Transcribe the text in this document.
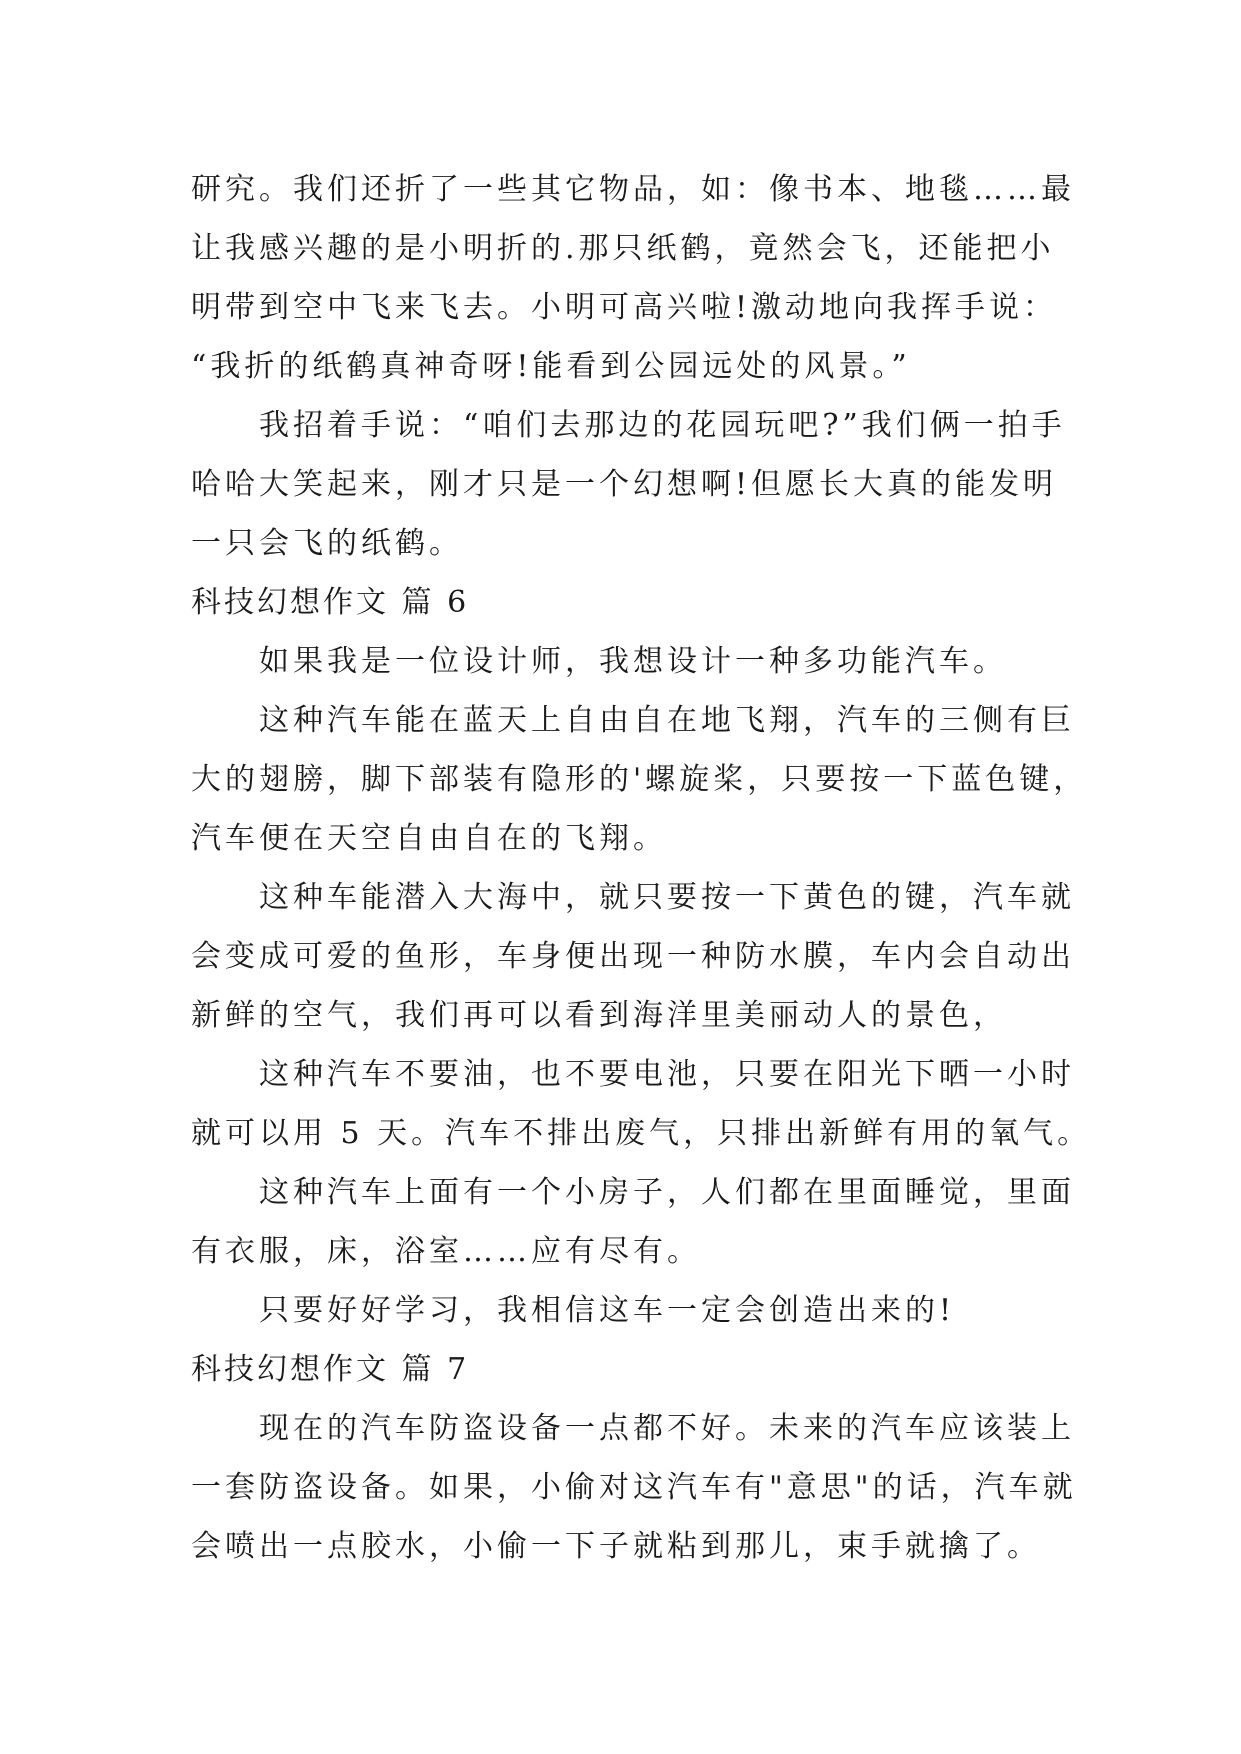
研究。我们还折了一些其它物品，如：像书本、地毯……最
让我感兴趣的是小明折的.那只纸鹤，竟然会飞，还能把小
明带到空中飞来飞去。小明可高兴啦!激动地向我挥手说：
“我折的纸鹤真神奇呀!能看到公园远处的风景。”
我招着手说：“咱们去那边的花园玩吧?”我们俩一拍手
哈哈大笑起来，刚才只是一个幻想啊!但愿长大真的能发明
一只会飞的纸鹤。
科技幻想作文 篇 6
如果我是一位设计师，我想设计一种多功能汽车。
这种汽车能在蓝天上自由自在地飞翔，汽车的三侧有巨
大的翅膀，脚下部装有隐形的'螺旋桨，只要按一下蓝色键，
汽车便在天空自由自在的飞翔。
这种车能潜入大海中，就只要按一下黄色的键，汽车就
会变成可爱的鱼形，车身便出现一种防水膜，车内会自动出
新鲜的空气，我们再可以看到海洋里美丽动人的景色，
这种汽车不要油，也不要电池，只要在阳光下晒一小时
就可以用 5 天。汽车不排出废气，只排出新鲜有用的氧气。
这种汽车上面有一个小房子，人们都在里面睡觉，里面
有衣服，床，浴室……应有尽有。
只要好好学习，我相信这车一定会创造出来的!
科技幻想作文 篇 7
现在的汽车防盗设备一点都不好。未来的汽车应该装上
一套防盗设备。如果，小偷对这汽车有"意思"的话，汽车就
会喷出一点胶水，小偷一下子就粘到那儿，束手就擒了。
